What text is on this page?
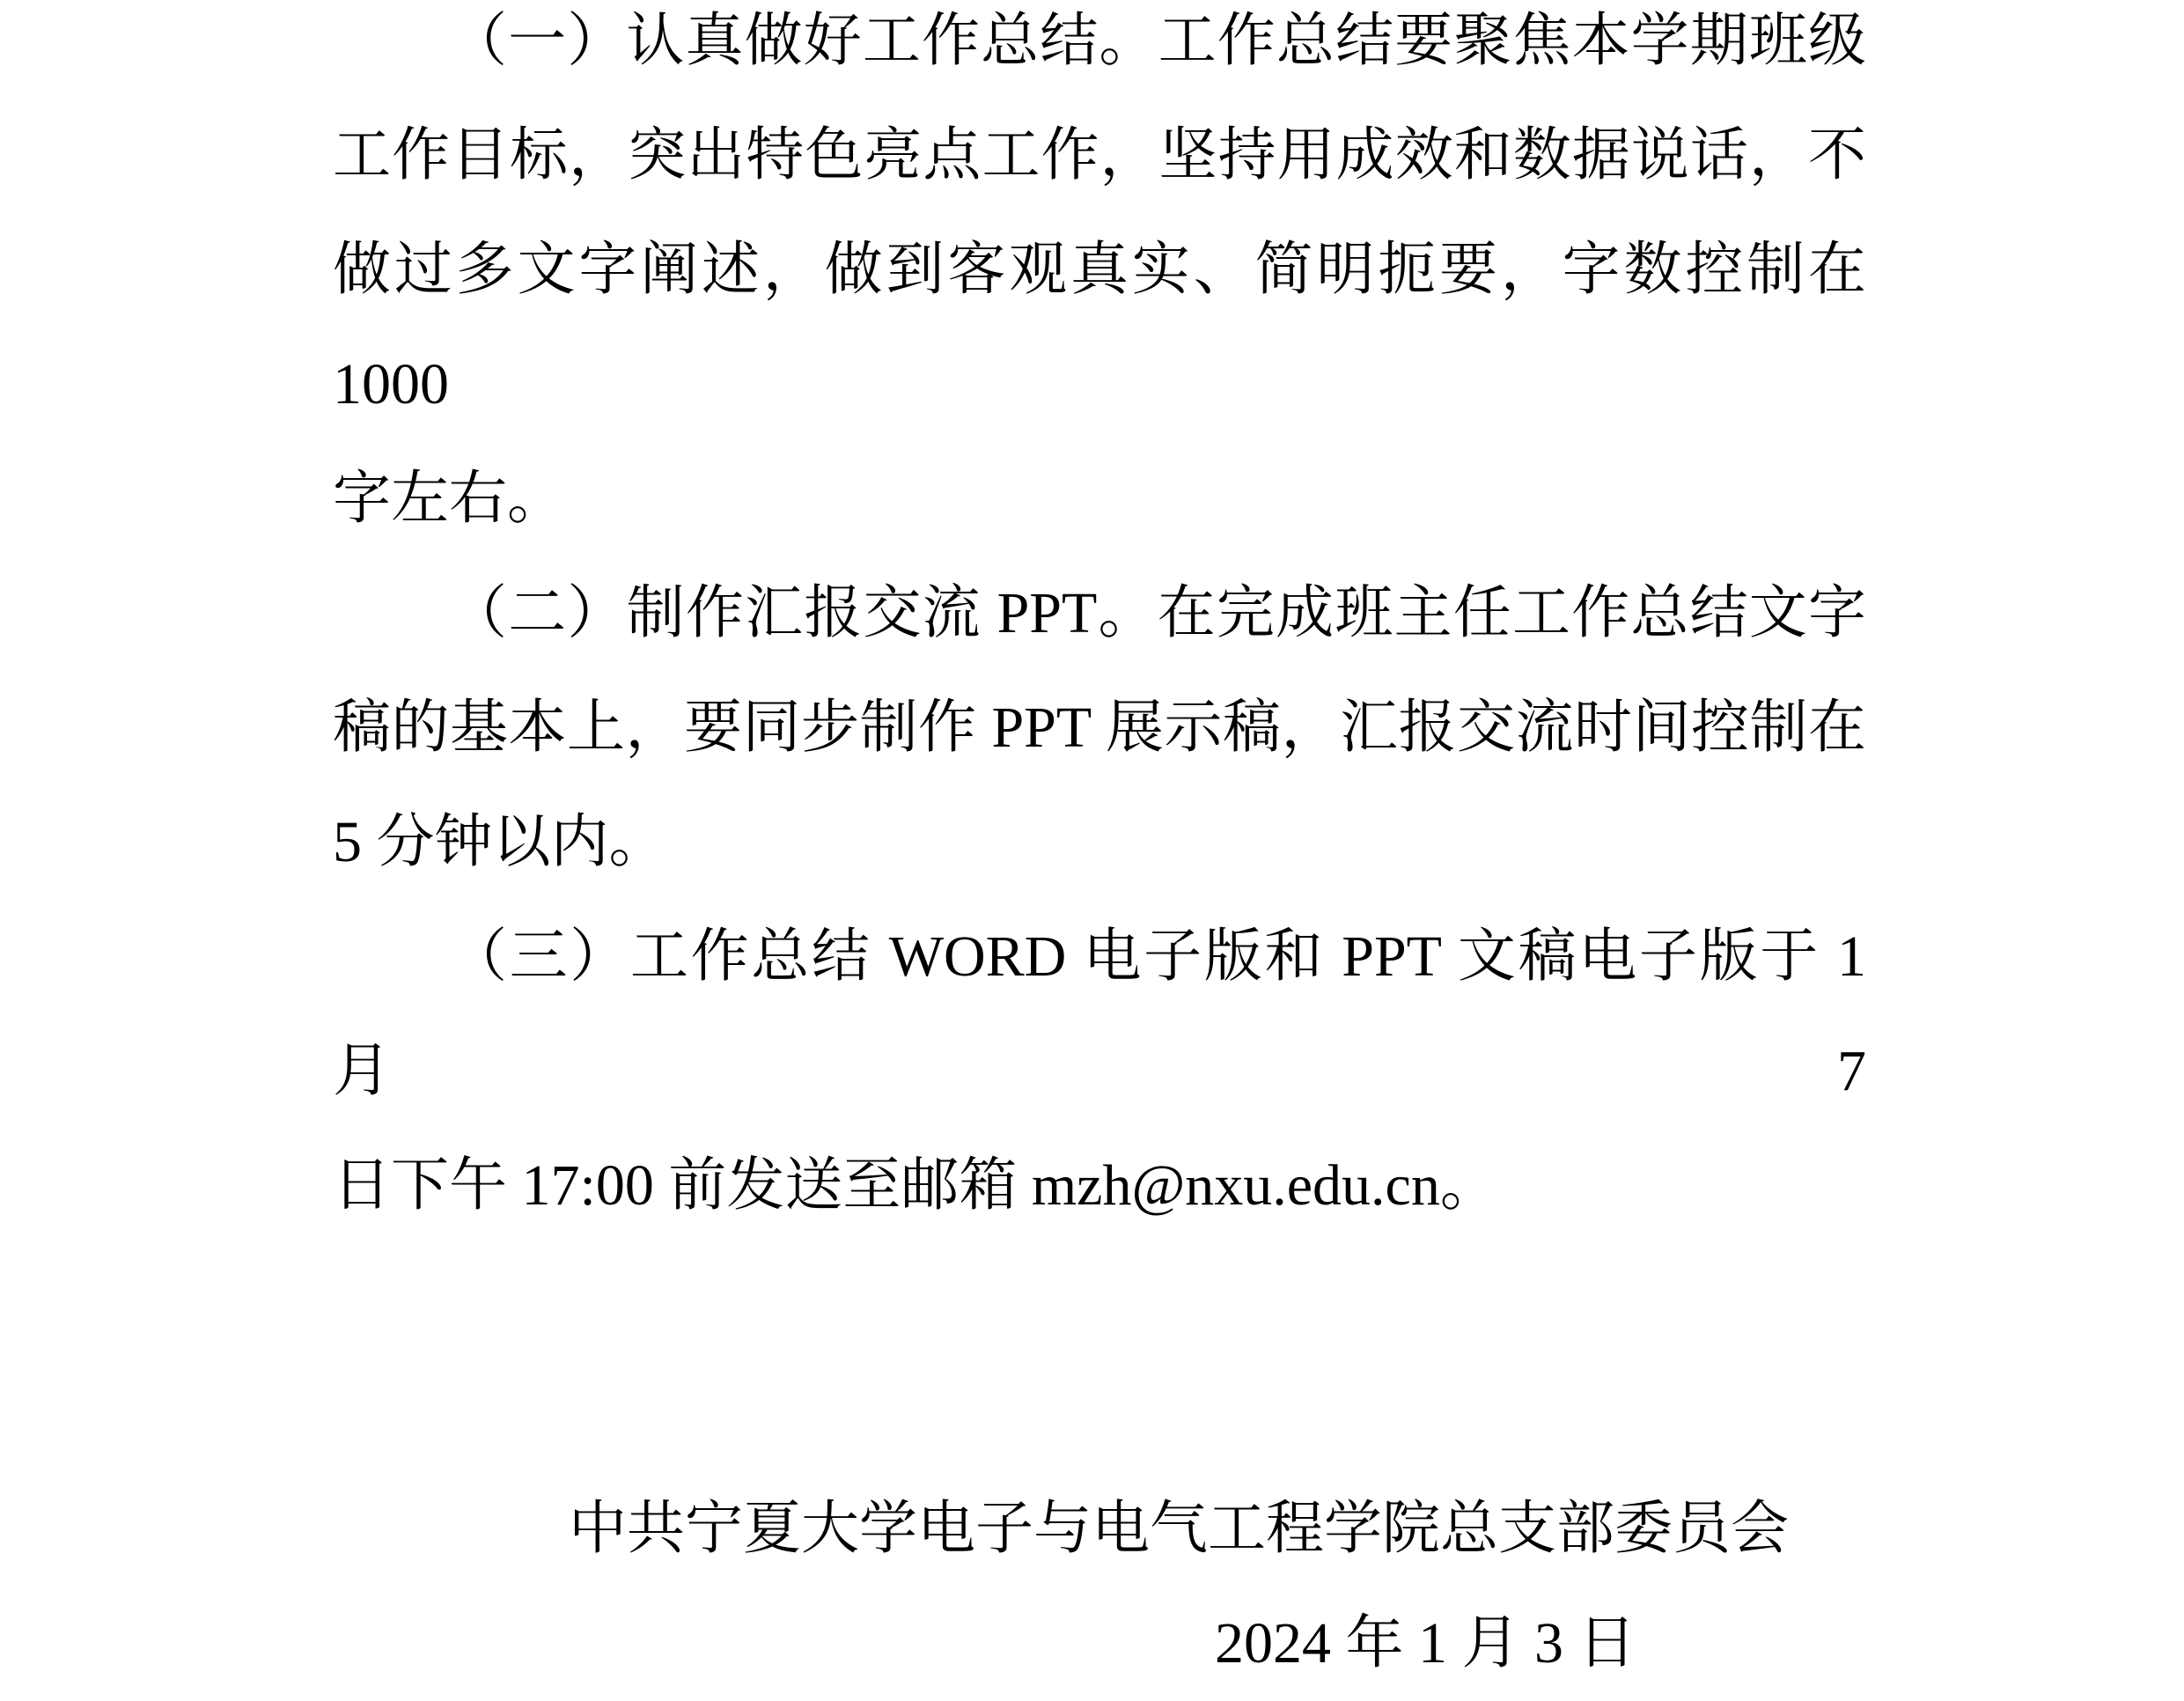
（一）认真做好工作总结。工作总结要聚焦本学期班级
工作目标，突出特色亮点工作，坚持用成效和数据说话，不
做过多文字阐述，做到客观真实、简明扼要，字数控制在 1000
字左右。
（二）制作汇报交流 PPT。在完成班主任工作总结文字
稿的基本上，要同步制作 PPT 展示稿，汇报交流时间控制在
5 分钟以内。
（三）工作总结 WORD 电子版和 PPT 文稿电子版于 1 月 7
日下午 17:00 前发送至邮箱 mzh@nxu.edu.cn。
中共宁夏大学电子与电气工程学院总支部委员会
2024 年 1 月 3 日
